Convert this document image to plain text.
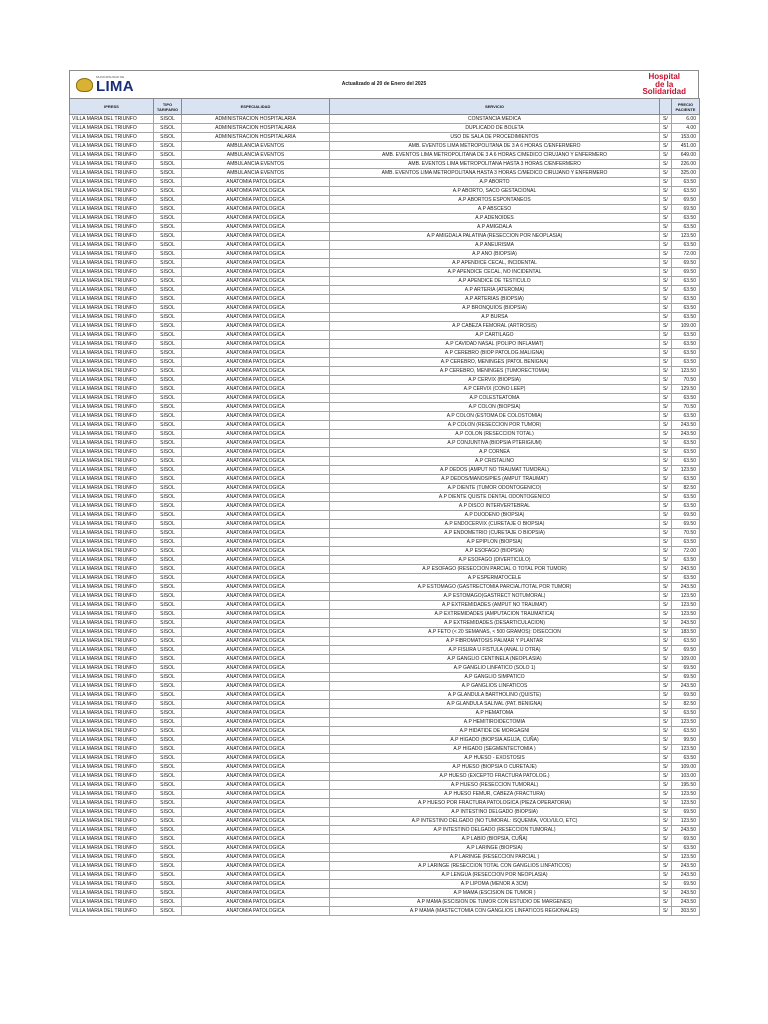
MUNICIPALIDAD DE
LIMA	Actualizado al 20 de Enero del 2025
Hospital
de la
Solidaridad
IPRESS	TIPO TARIFARIO	ESPECIALIDAD	SERVICIO		PRECIO PACIENTE
VILLA MARIA DEL TRIUNFO	SISOL	ADMINISTRACION HOSPITALARIA	CONSTANCIA MEDICA	S/	6.00
VILLA MARIA DEL TRIUNFO	SISOL	ADMINISTRACION HOSPITALARIA	DUPLICADO DE BOLETA	S/	4.00
VILLA MARIA DEL TRIUNFO	SISOL	ADMINISTRACION HOSPITALARIA	USO DE SALA DE PROCEDIMIENTOS	S/	153.00
VILLA MARIA DEL TRIUNFO	SISOL	AMBULANCIA EVENTOS	AMB. EVENTOS LIMA METROPOLITANA DE 3 A 6 HORAS C/ENFERMERO	S/	451.00
VILLA MARIA DEL TRIUNFO	SISOL	AMBULANCIA EVENTOS	AMB. EVENTOS LIMA METROPOLITANA DE 3 A 6 HORAS C/MEDICO CIRUJANO Y ENFERMERO	S/	649.00
VILLA MARIA DEL TRIUNFO	SISOL	AMBULANCIA EVENTOS	AMB. EVENTOS LIMA METROPOLITANA HASTA 3 HORAS C/ENFERMERO	S/	226.00
VILLA MARIA DEL TRIUNFO	SISOL	AMBULANCIA EVENTOS	AMB. EVENTOS LIMA METROPOLITANA HASTA 3 HORAS C/MEDICO CIRUJANO Y ENFERMERO	S/	325.00
VILLA MARIA DEL TRIUNFO	SISOL	ANATOMIA PATOLOGICA	A.P ABORTO	S/	63.50
VILLA MARIA DEL TRIUNFO	SISOL	ANATOMIA PATOLOGICA	A.P ABORTO, SACO GESTACIONAL	S/	63.50
VILLA MARIA DEL TRIUNFO	SISOL	ANATOMIA PATOLOGICA	A.P ABORTOS ESPONTANEOS	S/	69.50
VILLA MARIA DEL TRIUNFO	SISOL	ANATOMIA PATOLOGICA	A.P ABSCESO	S/	69.50
VILLA MARIA DEL TRIUNFO	SISOL	ANATOMIA PATOLOGICA	A.P ADENOIDES	S/	63.50
VILLA MARIA DEL TRIUNFO	SISOL	ANATOMIA PATOLOGICA	A.P AMIGDALA	S/	63.50
VILLA MARIA DEL TRIUNFO	SISOL	ANATOMIA PATOLOGICA	A.P AMIGDALA PALATINA (RESECCION POR NEOPLASIA)	S/	123.50
VILLA MARIA DEL TRIUNFO	SISOL	ANATOMIA PATOLOGICA	A.P ANEURISMA	S/	63.50
VILLA MARIA DEL TRIUNFO	SISOL	ANATOMIA PATOLOGICA	A.P ANO (BIOPSIA)	S/	72.00
VILLA MARIA DEL TRIUNFO	SISOL	ANATOMIA PATOLOGICA	A.P APENDICE CECAL, INCIDENTAL	S/	69.50
VILLA MARIA DEL TRIUNFO	SISOL	ANATOMIA PATOLOGICA	A.P APENDICE CECAL, NO INCIDENTAL	S/	69.50
VILLA MARIA DEL TRIUNFO	SISOL	ANATOMIA PATOLOGICA	A.P APENDICE DE TESTICULO	S/	63.50
VILLA MARIA DEL TRIUNFO	SISOL	ANATOMIA PATOLOGICA	A.P ARTERIA (ATEROMA)	S/	63.50
VILLA MARIA DEL TRIUNFO	SISOL	ANATOMIA PATOLOGICA	A.P ARTERIAS (BIOPSIA)	S/	63.50
VILLA MARIA DEL TRIUNFO	SISOL	ANATOMIA PATOLOGICA	A.P BRONQUIOS (BIOPSIA)	S/	63.50
VILLA MARIA DEL TRIUNFO	SISOL	ANATOMIA PATOLOGICA	A.P BURSA	S/	63.50
VILLA MARIA DEL TRIUNFO	SISOL	ANATOMIA PATOLOGICA	A.P CABEZA FEMORAL (ARTROSIS)	S/	109.00
VILLA MARIA DEL TRIUNFO	SISOL	ANATOMIA PATOLOGICA	A.P CARTILAGO	S/	63.50
VILLA MARIA DEL TRIUNFO	SISOL	ANATOMIA PATOLOGICA	A.P CAVIDAD NASAL (POLIPO INFLAMAT)	S/	63.50
VILLA MARIA DEL TRIUNFO	SISOL	ANATOMIA PATOLOGICA	A.P CEREBRO (BIOP PATOLOG.MALIGNA)	S/	63.50
VILLA MARIA DEL TRIUNFO	SISOL	ANATOMIA PATOLOGICA	A.P CEREBRO, MENINGES (PATOL BENIGNA)	S/	63.50
VILLA MARIA DEL TRIUNFO	SISOL	ANATOMIA PATOLOGICA	A.P CEREBRO, MENINGES (TUMORECTOMIA)	S/	123.50
VILLA MARIA DEL TRIUNFO	SISOL	ANATOMIA PATOLOGICA	A.P CERVIX (BIOPSIA)	S/	70.50
VILLA MARIA DEL TRIUNFO	SISOL	ANATOMIA PATOLOGICA	A.P CERVIX (CONO LEEP)	S/	129.50
VILLA MARIA DEL TRIUNFO	SISOL	ANATOMIA PATOLOGICA	A.P COLESTEATOMA	S/	63.50
VILLA MARIA DEL TRIUNFO	SISOL	ANATOMIA PATOLOGICA	A.P COLON (BIOPSIA)	S/	70.50
VILLA MARIA DEL TRIUNFO	SISOL	ANATOMIA PATOLOGICA	A.P COLON (ESTOMA DE COLOSTOMIA)	S/	63.50
VILLA MARIA DEL TRIUNFO	SISOL	ANATOMIA PATOLOGICA	A.P COLON (RESECCION POR TUMOR)	S/	243.50
VILLA MARIA DEL TRIUNFO	SISOL	ANATOMIA PATOLOGICA	A.P COLON (RESECCION TOTAL)	S/	243.50
VILLA MARIA DEL TRIUNFO	SISOL	ANATOMIA PATOLOGICA	A.P CONJUNTIVA (BIOPSIA PTERIGIUM)	S/	63.50
VILLA MARIA DEL TRIUNFO	SISOL	ANATOMIA PATOLOGICA	A.P CORNEA	S/	63.50
VILLA MARIA DEL TRIUNFO	SISOL	ANATOMIA PATOLOGICA	A.P CRISTALINO	S/	63.50
VILLA MARIA DEL TRIUNFO	SISOL	ANATOMIA PATOLOGICA	A.P DEDOS (AMPUT NO TRAUMAT TUMORAL)	S/	123.50
VILLA MARIA DEL TRIUNFO	SISOL	ANATOMIA PATOLOGICA	A.P DEDOS/MANOS/PIES (AMPUT TRAUMAT)	S/	63.50
VILLA MARIA DEL TRIUNFO	SISOL	ANATOMIA PATOLOGICA	A.P DIENTE (TUMOR ODONTOGENICO)	S/	82.50
VILLA MARIA DEL TRIUNFO	SISOL	ANATOMIA PATOLOGICA	A.P DIENTE QUISTE DENTAL ODONTOGENICO	S/	63.50
VILLA MARIA DEL TRIUNFO	SISOL	ANATOMIA PATOLOGICA	A.P DISCO INTERVERTEBRAL	S/	63.50
VILLA MARIA DEL TRIUNFO	SISOL	ANATOMIA PATOLOGICA	A.P DUODENO (BIOPSIA)	S/	69.50
VILLA MARIA DEL TRIUNFO	SISOL	ANATOMIA PATOLOGICA	A.P ENDOCERVIX (CURETAJE O BIOPSIA)	S/	69.50
VILLA MARIA DEL TRIUNFO	SISOL	ANATOMIA PATOLOGICA	A.P ENDOMETRIO (CURETAJE O BIOPSIA)	S/	70.50
VILLA MARIA DEL TRIUNFO	SISOL	ANATOMIA PATOLOGICA	A.P EPIPLON (BIOPSIA)	S/	63.50
VILLA MARIA DEL TRIUNFO	SISOL	ANATOMIA PATOLOGICA	A.P ESOFAGO (BIOPSIA)	S/	72.00
VILLA MARIA DEL TRIUNFO	SISOL	ANATOMIA PATOLOGICA	A.P ESOFAGO (DIVERTICULO)	S/	63.50
VILLA MARIA DEL TRIUNFO	SISOL	ANATOMIA PATOLOGICA	A.P ESOFAGO (RESECCION PARCIAL O TOTAL POR TUMOR)	S/	243.50
VILLA MARIA DEL TRIUNFO	SISOL	ANATOMIA PATOLOGICA	A.P ESPERMATOCELE	S/	63.50
VILLA MARIA DEL TRIUNFO	SISOL	ANATOMIA PATOLOGICA	A.P ESTOMAGO (GASTRECTOMIA PARCIAL/TOTAL POR TUMOR)	S/	243.50
VILLA MARIA DEL TRIUNFO	SISOL	ANATOMIA PATOLOGICA	A.P ESTOMAGO(GASTRECT NOTUMORAL)	S/	123.50
VILLA MARIA DEL TRIUNFO	SISOL	ANATOMIA PATOLOGICA	A.P EXTREMIDADES (AMPUT NO TRAUMAT)	S/	123.50
VILLA MARIA DEL TRIUNFO	SISOL	ANATOMIA PATOLOGICA	A.P EXTREMIDADES (AMPUTACION TRAUMATICA)	S/	123.50
VILLA MARIA DEL TRIUNFO	SISOL	ANATOMIA PATOLOGICA	A.P EXTREMIDADES (DESARTICULACION)	S/	243.50
VILLA MARIA DEL TRIUNFO	SISOL	ANATOMIA PATOLOGICA	A.P FETO (< 20 SEMANAS, < 500 GRAMOS): DISECCION	S/	183.50
VILLA MARIA DEL TRIUNFO	SISOL	ANATOMIA PATOLOGICA	A.P FIBROMATOSIS PALMAR Y PLANTAR	S/	63.50
VILLA MARIA DEL TRIUNFO	SISOL	ANATOMIA PATOLOGICA	A.P FISURA U FISTULA (ANAL U OTRA)	S/	69.50
VILLA MARIA DEL TRIUNFO	SISOL	ANATOMIA PATOLOGICA	A.P GANGLIO CENTINELA (NEOPLASIA)	S/	109.00
VILLA MARIA DEL TRIUNFO	SISOL	ANATOMIA PATOLOGICA	A.P GANGLIO LINFATICO (SOLO 1)	S/	69.50
VILLA MARIA DEL TRIUNFO	SISOL	ANATOMIA PATOLOGICA	A.P GANGLIO SIMPATICO	S/	69.50
VILLA MARIA DEL TRIUNFO	SISOL	ANATOMIA PATOLOGICA	A.P GANGLIOS LINFATICOS	S/	243.50
VILLA MARIA DEL TRIUNFO	SISOL	ANATOMIA PATOLOGICA	A.P GLANDULA BARTHOLINO (QUISTE)	S/	69.50
VILLA MARIA DEL TRIUNFO	SISOL	ANATOMIA PATOLOGICA	A.P GLANDULA SALIVAL (PAT. BENIGNA)	S/	82.50
VILLA MARIA DEL TRIUNFO	SISOL	ANATOMIA PATOLOGICA	A.P HEMATOMA	S/	63.50
VILLA MARIA DEL TRIUNFO	SISOL	ANATOMIA PATOLOGICA	A.P HEMITIROIDECTOMIA	S/	123.50
VILLA MARIA DEL TRIUNFO	SISOL	ANATOMIA PATOLOGICA	A.P HIDATIDE DE MORGAGNI	S/	63.50
VILLA MARIA DEL TRIUNFO	SISOL	ANATOMIA PATOLOGICA	A.P HIGADO (BIOPSIA AGUJA, CUÑA)	S/	99.50
VILLA MARIA DEL TRIUNFO	SISOL	ANATOMIA PATOLOGICA	A.P HIGADO (SEGMENTECTOMIA )	S/	123.50
VILLA MARIA DEL TRIUNFO	SISOL	ANATOMIA PATOLOGICA	A.P HUESO - EXOSTOSIS	S/	63.50
VILLA MARIA DEL TRIUNFO	SISOL	ANATOMIA PATOLOGICA	A.P HUESO (BIOPSIA O CURETAJE)	S/	109.00
VILLA MARIA DEL TRIUNFO	SISOL	ANATOMIA PATOLOGICA	A.P HUESO (EXCEPTO FRACTURA PATOLOG.)	S/	103.00
VILLA MARIA DEL TRIUNFO	SISOL	ANATOMIA PATOLOGICA	A.P HUESO (RESECCION TUMORAL)	S/	195.50
VILLA MARIA DEL TRIUNFO	SISOL	ANATOMIA PATOLOGICA	A.P HUESO FEMUR, CABEZA (FRACTURA)	S/	123.50
VILLA MARIA DEL TRIUNFO	SISOL	ANATOMIA PATOLOGICA	A.P HUESO POR FRACTURA PATOLOGICA (PIEZA OPERATORIA)	S/	123.50
VILLA MARIA DEL TRIUNFO	SISOL	ANATOMIA PATOLOGICA	A.P INTESTINO DELGADO (BIOPSIA)	S/	69.50
VILLA MARIA DEL TRIUNFO	SISOL	ANATOMIA PATOLOGICA	A.P INTESTINO DELGADO (NO TUMORAL: ISQUEMIA, VOLVULO, ETC)	S/	123.50
VILLA MARIA DEL TRIUNFO	SISOL	ANATOMIA PATOLOGICA	A.P INTESTINO DELGADO (RESECCION TUMORAL)	S/	243.50
VILLA MARIA DEL TRIUNFO	SISOL	ANATOMIA PATOLOGICA	A.P LABIO (BIOPSIA, CUÑA)	S/	69.50
VILLA MARIA DEL TRIUNFO	SISOL	ANATOMIA PATOLOGICA	A.P LARINGE (BIOPSIA)	S/	63.50
VILLA MARIA DEL TRIUNFO	SISOL	ANATOMIA PATOLOGICA	A.P LARINGE (RESECCION PARCIAL )	S/	123.50
VILLA MARIA DEL TRIUNFO	SISOL	ANATOMIA PATOLOGICA	A.P LARINGE (RESECCION TOTAL CON GANGLIOS LINFATICOS)	S/	243.50
VILLA MARIA DEL TRIUNFO	SISOL	ANATOMIA PATOLOGICA	A.P LENGUA (RESECCION POR NEOPLASIA)	S/	243.50
VILLA MARIA DEL TRIUNFO	SISOL	ANATOMIA PATOLOGICA	A.P LIPOMA (MENOR A 3CM)	S/	69.50
VILLA MARIA DEL TRIUNFO	SISOL	ANATOMIA PATOLOGICA	A.P MAMA (ESCISION DE TUMOR )	S/	243.50
VILLA MARIA DEL TRIUNFO	SISOL	ANATOMIA PATOLOGICA	A.P MAMA (ESCISION DE TUMOR CON ESTUDIO DE MARGENES)	S/	243.50
VILLA MARIA DEL TRIUNFO	SISOL	ANATOMIA PATOLOGICA	A.P MAMA (MASTECTOMIA CON GANGLIOS LINFATICOS REGIONALES)	S/	303.50
